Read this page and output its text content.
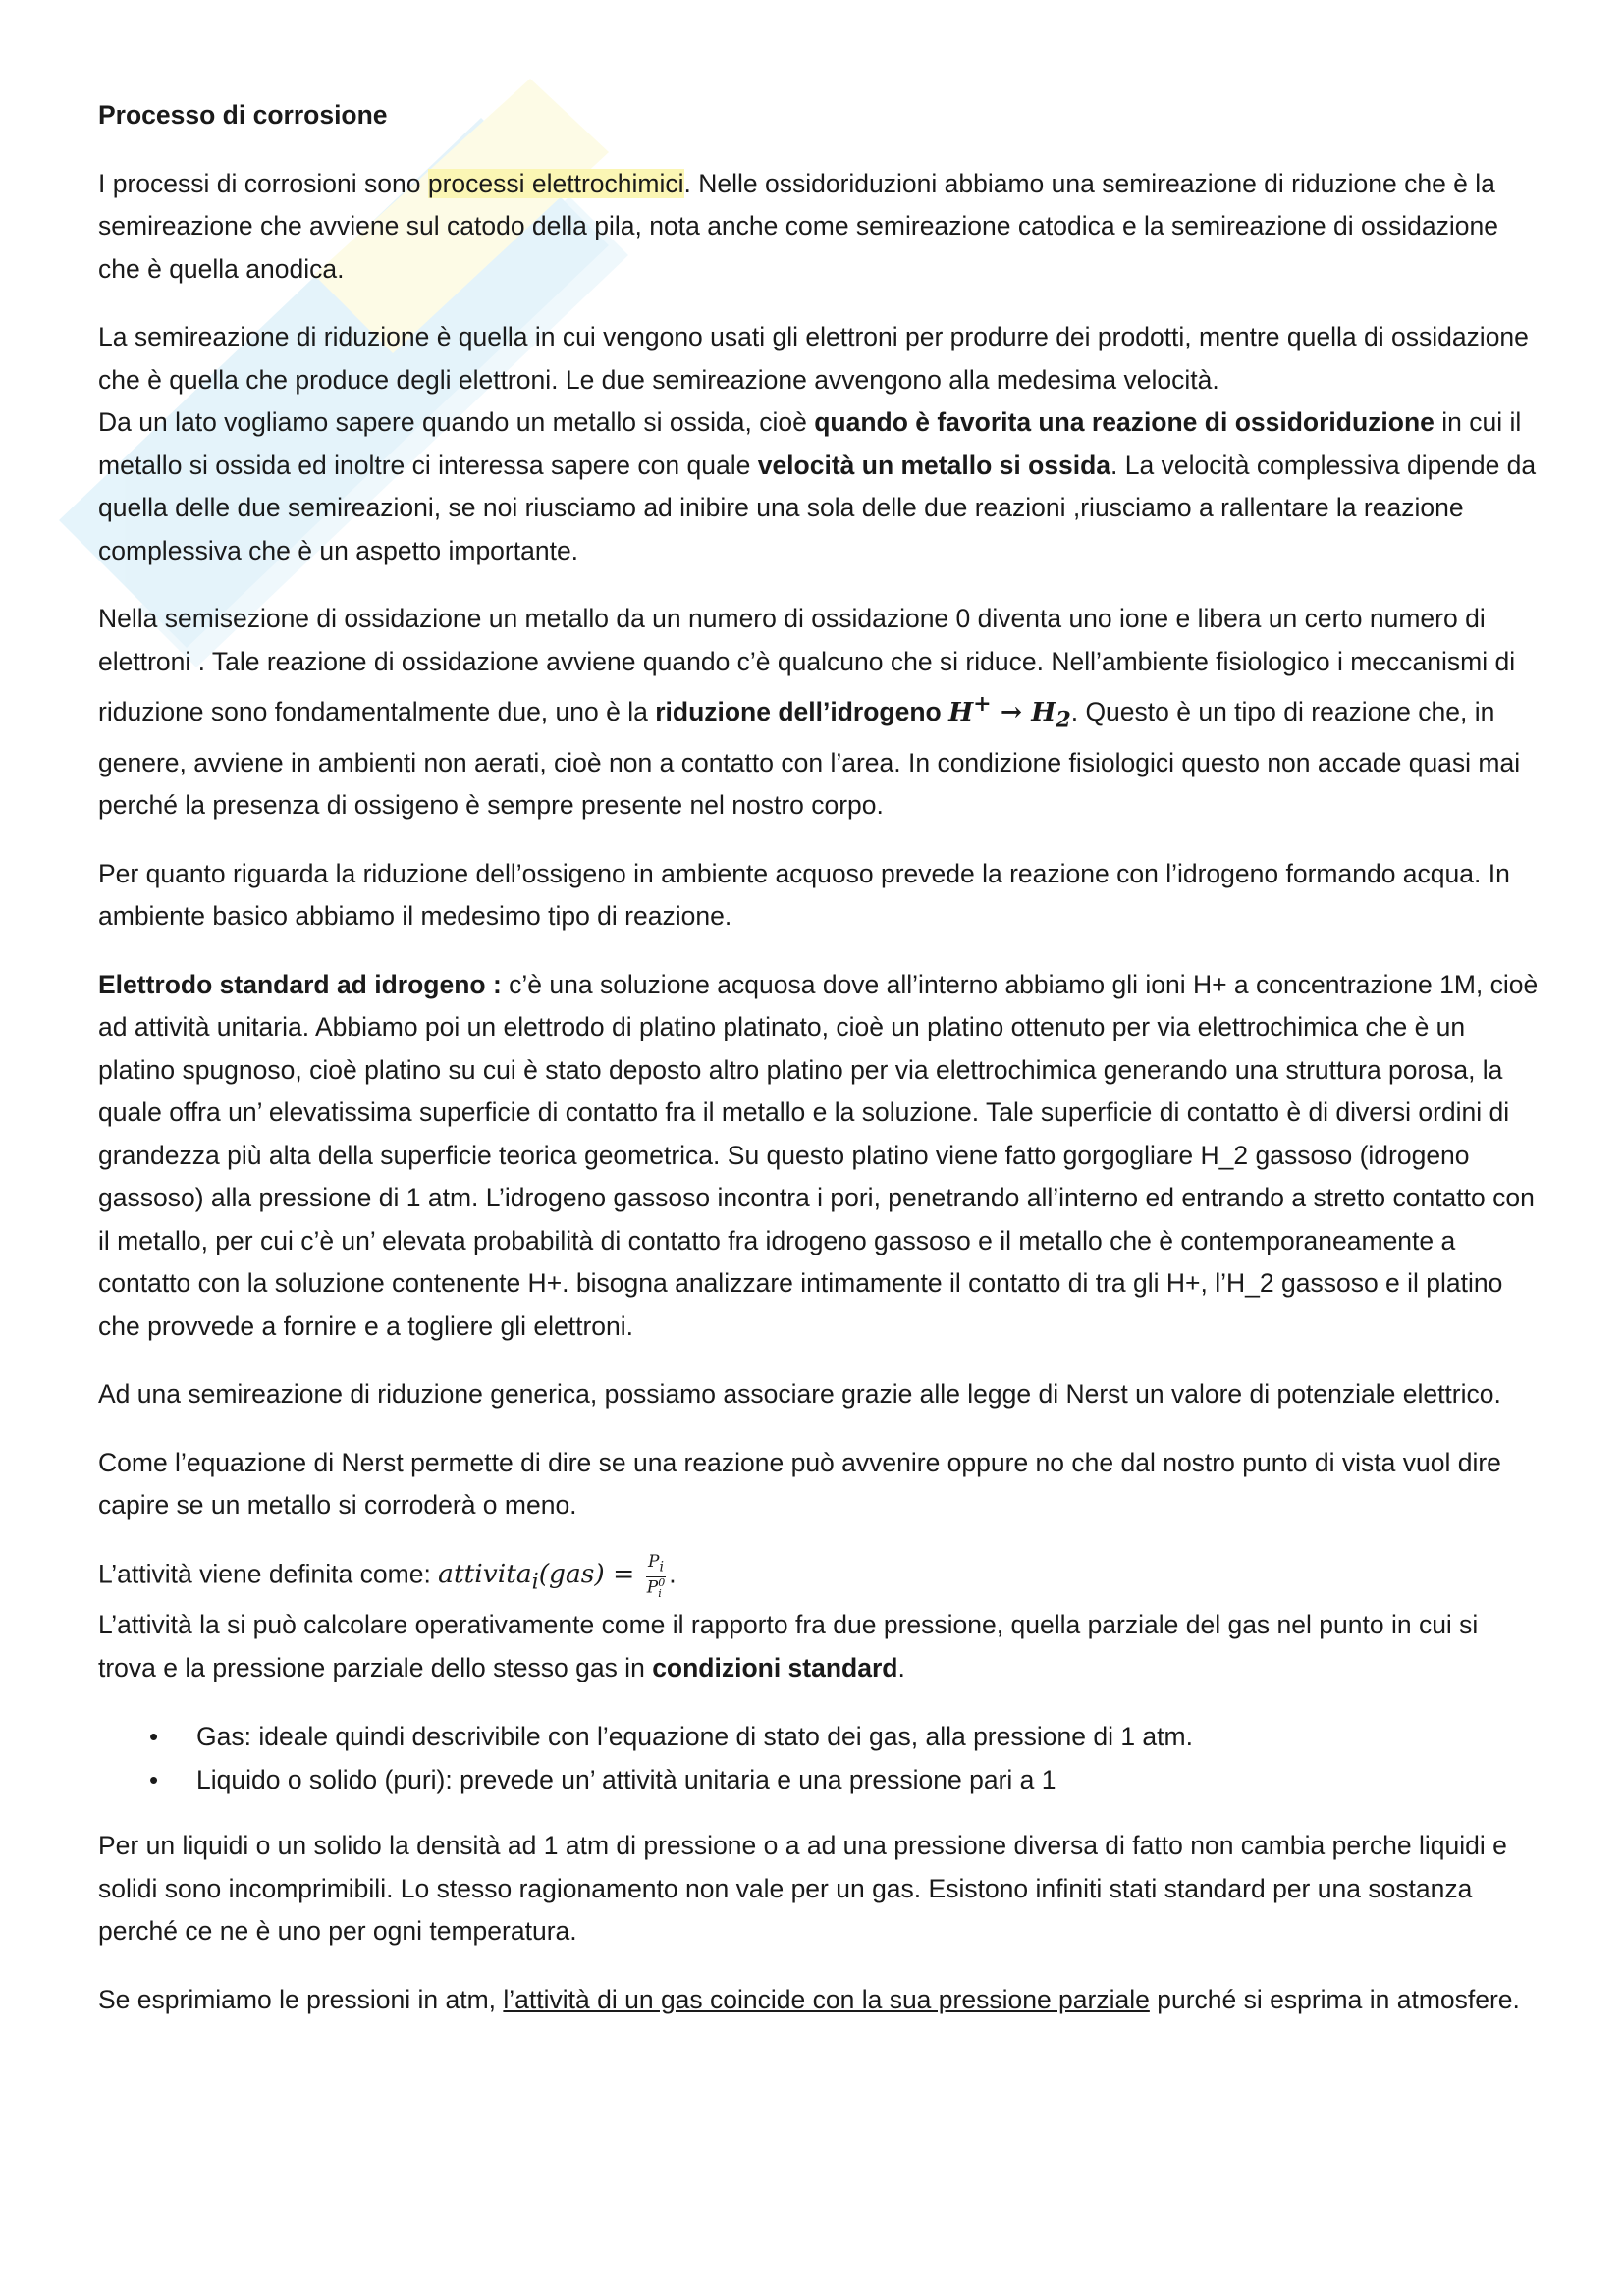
Processo di corrosione

I processi di corrosioni sono processi elettrochimici. Nelle ossidoriduzioni abbiamo una semireazione di riduzione che è la semireazione che avviene sul catodo della pila, nota anche come semireazione catodica e la semireazione di ossidazione che è quella anodica.

La semireazione di riduzione è quella in cui vengono usati gli elettroni per produrre dei prodotti, mentre quella di ossidazione che è quella che produce degli elettroni. Le due semireazione avvengono alla medesima velocità.
Da un lato vogliamo sapere quando un metallo si ossida, cioè quando è favorita una reazione di ossidoriduzione in cui il metallo si ossida ed inoltre ci interessa sapere con quale velocità un metallo si ossida. La velocità complessiva dipende da quella delle due semireazioni, se noi riusciamo ad inibire una sola delle due reazioni ,riusciamo a rallentare la reazione complessiva che è un aspetto importante.

Nella semisezione di ossidazione un metallo da un numero di ossidazione 0 diventa uno ione e libera un certo numero di elettroni . Tale reazione di ossidazione avviene quando c’è qualcuno che si riduce. Nell’ambiente fisiologico i meccanismi di riduzione sono fondamentalmente due, uno è la riduzione dell’idrogeno $H^+ \to H_2$. Questo è un tipo di reazione che, in genere, avviene in ambienti non aerati, cioè non a contatto con l’area. In condizione fisiologici questo non accade quasi mai perché la presenza di ossigeno è sempre presente nel nostro corpo.

Per quanto riguarda la riduzione dell’ossigeno in ambiente acquoso prevede la reazione con l’idrogeno formando acqua. In ambiente basico abbiamo il medesimo tipo di reazione.

Elettrodo standard ad idrogeno : c’è una soluzione acquosa dove all’interno abbiamo gli ioni H+ a concentrazione 1M, cioè ad attività unitaria. Abbiamo poi un elettrodo di platino platinato, cioè un platino ottenuto per via elettrochimica che è un platino spugnoso, cioè platino su cui è stato deposto altro platino per via elettrochimica generando una struttura porosa, la quale offra un’ elevatissima superficie di contatto fra il metallo e la soluzione. Tale superficie di contatto è di diversi ordini di grandezza più alta della superficie teorica geometrica. Su questo platino viene fatto gorgogliare H_2 gassoso (idrogeno gassoso) alla pressione di 1 atm. L’idrogeno gassoso incontra i pori, penetrando all’interno ed entrando a stretto contatto con il metallo, per cui c’è un’ elevata probabilità di contatto fra idrogeno gassoso e il metallo che è contemporaneamente a contatto con la soluzione contenente H+. bisogna analizzare intimamente il contatto di tra gli H+, l’H_2 gassoso e il platino che provvede a fornire e a togliere gli elettroni.

Ad una semireazione di riduzione generica, possiamo associare grazie alle legge di Nerst un valore di potenziale elettrico.

Come l’equazione di Nerst permette di dire se una reazione può avvenire oppure no che dal nostro punto di vista vuol dire capire se un metallo si corroderà o meno.

L’attività viene definita come: attivita$_i$(gas) = $P_i$
P 0
i .

L’attività la si può calcolare operativamente come il rapporto fra due pressione, quella parziale del gas nel punto in cui si trova e la pressione parziale dello stesso gas in condizioni standard.

• Gas: ideale quindi descrivibile con l’equazione di stato dei gas, alla pressione di 1 atm.
• Liquido o solido (puri): prevede un’ attività unitaria e una pressione pari a 1

Per un liquidi o un solido la densità ad 1 atm di pressione o a ad una pressione diversa di fatto non cambia perche liquidi e solidi sono incomprimibili. Lo stesso ragionamento non vale per un gas. Esistono infiniti stati standard per una sostanza perché ce ne è uno per ogni temperatura.

Se esprimiamo le pressioni in atm, l’attività di un gas coincide con la sua pressione parziale purché si esprima in atmosfere.
